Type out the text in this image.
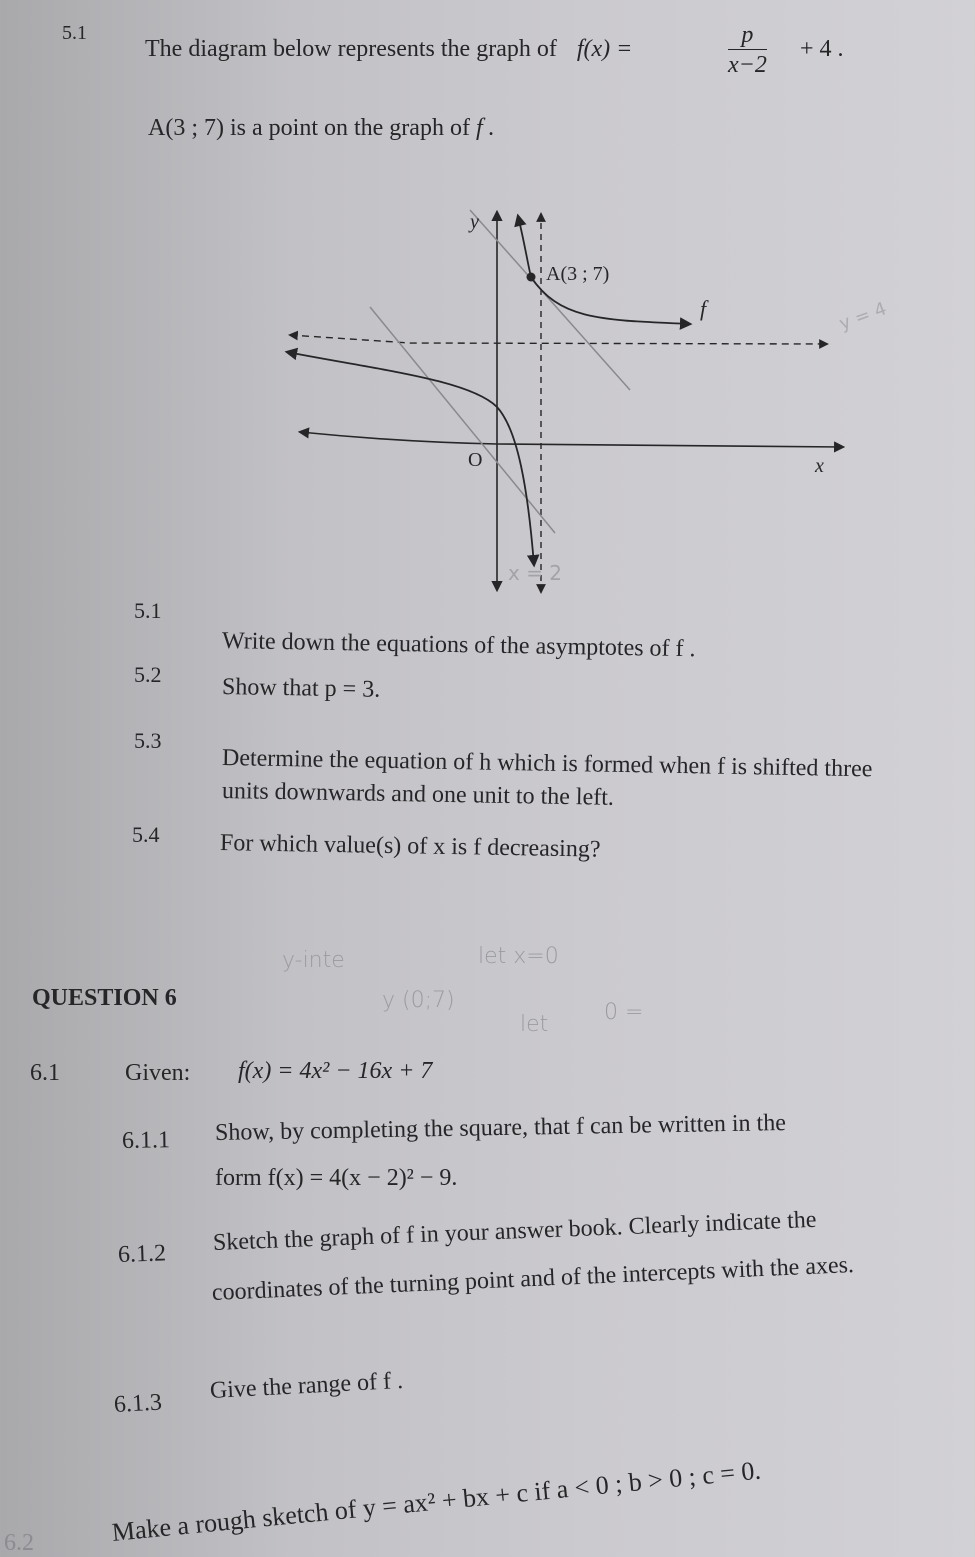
5.1
The diagram below represents the graph of f(x) =	$\frac{p}{x-2} + 4$ .
A(3 ; 7) is a point on the graph of f .
y
x
O
A(3 ; 7)
f
x = 2
y = 4
5.1
Write down the equations of the asymptotes of f .
5.2	Show that p = 3.
5.3
Determine the equation of h which is formed when f is shifted three
units downwards and one unit to the left.
5.4	For which value(s) of x is f decreasing?
y-inte	let x=0
y (0;7)
let	0 =
QUESTION 6
6.1	Given: f(x) = 4x² − 16x + 7
6.1.1 Show, by completing the square, that f can be written in the
form f(x) = 4(x − 2)² − 9.
6.1.2 Sketch the graph of f in your answer book. Clearly indicate the
coordinates of the turning point and of the intercepts with the axes.
6.1.3 Give the range of f .
6.2	Make a rough sketch of y = ax² + bx + c if a < 0 ; b > 0 ; c = 0.
